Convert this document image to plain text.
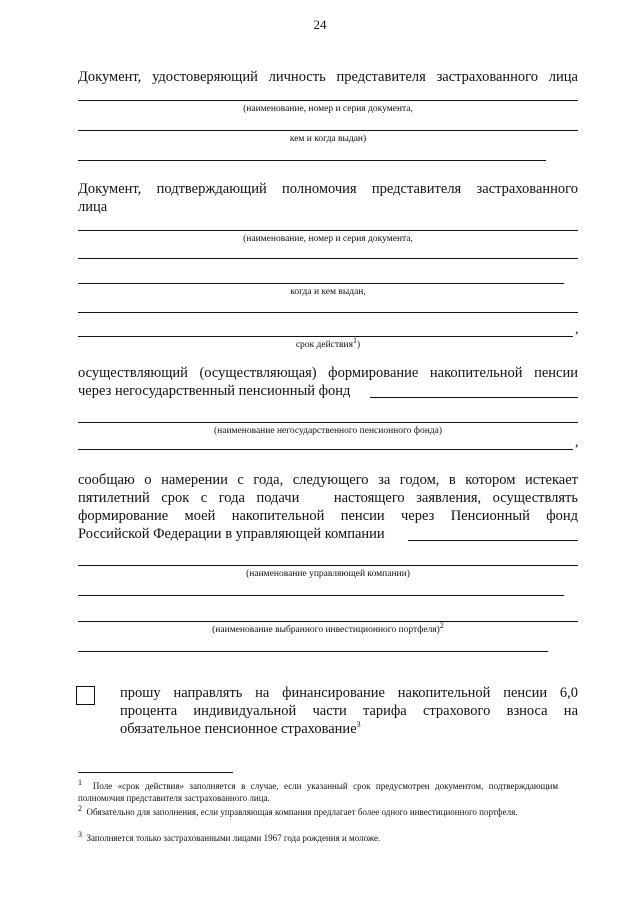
24
Документ, удостоверяющий личность представителя застрахованного лица
(наименование, номер и серия документа,
кем и когда выдан)
Документ, подтверждающий полномочия представителя застрахованного
лица
(наименование, номер и серия документа,
когда и кем выдан,
,
срок действия$^1$)
осуществляющий (осуществляющая) формирование накопительной пенсии
через негосударственный пенсионный фонд
(наименование негосударственного пенсионного фонда)
,
сообщаю о намерении с года, следующего за годом, в котором истекает
пятилетний срок с года подачи   настоящего заявления, осуществлять
формирование моей накопительной пенсии через Пенсионный фонд
Российской Федерации в управляющей компании
(наименование управляющей компании)
(наименование выбранного инвестиционного портфеля)$^2$
прошу направлять на финансирование накопительной пенсии 6,0
процента индивидуальной части тарифа страхового взноса на
обязательное пенсионное страхование$^3$
1 Поле «срок действия» заполняется в случае, если указанный срок предусмотрен документом, подтверждающим полномочия представителя застрахованного лица.
2 Обязательно для заполнения, если управляющая компания предлагает более одного инвестиционного портфеля.
3 Заполняется только застрахованными лицами 1967 года рождения и моложе.
